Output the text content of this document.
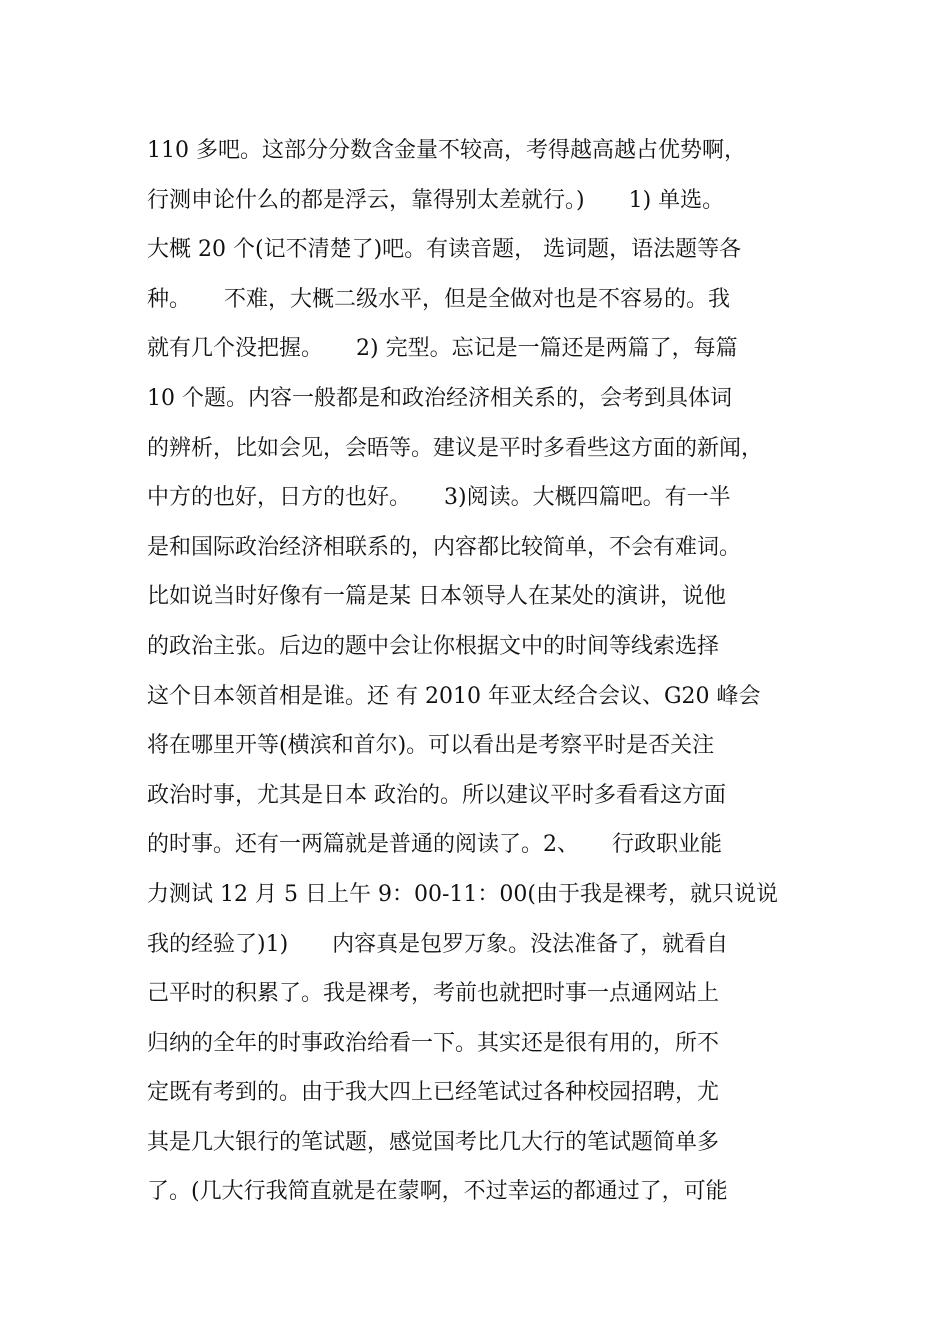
110 多吧。这部分分数含金量不较高，考得越高越占优势啊，
行测申论什么的都是浮云，靠得别太差就行。)　　1) 单选。
大概 20 个(记不清楚了)吧。有读音题， 选词题，语法题等各
种。　　不难，大概二级水平，但是全做对也是不容易的。我
就有几个没把握。　　2) 完型。忘记是一篇还是两篇了，每篇
10 个题。内容一般都是和政治经济相关系的，会考到具体词
的辨析，比如会见，会晤等。建议是平时多看些这方面的新闻，
中方的也好，日方的也好。　　3)阅读。大概四篇吧。有一半
是和国际政治经济相联系的，内容都比较简单，不会有难词。
比如说当时好像有一篇是某 日本领导人在某处的演讲，说他
的政治主张。后边的题中会让你根据文中的时间等线索选择
这个日本领首相是谁。还 有 2010 年亚太经合会议、G20 峰会
将在哪里开等(横滨和首尔)。可以看出是考察平时是否关注
政治时事，尤其是日本 政治的。所以建议平时多看看这方面
的时事。还有一两篇就是普通的阅读了。2、　　行政职业能
力测试 12 月 5 日上午 9：00-11：00(由于我是裸考，就只说说
我的经验了)1)　　内容真是包罗万象。没法准备了，就看自
己平时的积累了。我是裸考，考前也就把时事一点通网站上
归纳的全年的时事政治给看一下。其实还是很有用的，所不
定既有考到的。由于我大四上已经笔试过各种校园招聘，尤
其是几大银行的笔试题，感觉国考比几大行的笔试题简单多
了。(几大行我简直就是在蒙啊，不过幸运的都通过了，可能
